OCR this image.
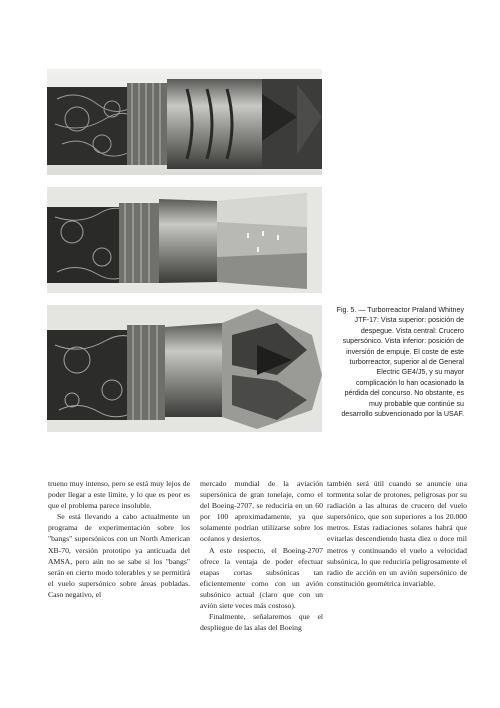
Fig. 5. — Turborreactor Praland Whitney JTF-17: Vista superior: posición de despegue. Vista central: Crucero supersónico. Vista inferior: posición de inversión de empuje. El coste de este turborreactor, superior al de General Electric GE4/J5, y su mayor complicación lo han ocasionado la pérdida del concurso. No obstante, es muy probable que continúe su desarrollo subvencionado por la USAF.

trueno muy intenso, pero se está muy lejos de poder llegar a este límite, y lo que es peor es que el problema parece insoluble.

Se está llevando a cabo actualmente un programa de experimentación sobre los "bangs" supersónicos con un North American XB-70, versión prototipo ya anticuada del AMSA, pero aún no se sabe si los "bangs" serán en cierto modo tolerables y se permitirá el vuelo supersónico sobre áreas pobladas. Caso negativo, el

mercado mundial de la aviación supersónica de gran tonelaje, como el del Boeing-2707, se reduciría en un 60 por 100 aproximadamente, ya que solamente podrían utilizarse sobre los océanos y desiertos.

A este respecto, el Boeing-2707 ofrece la ventaja de poder efectuar etapas cortas subsónicas tan eficientemente como con un avión subsónico actual (claro que con un avión siete veces más costoso).

Finalmente, señalaremos que el despliegue de las alas del Boeing

también será útil cuando se anuncie una tormenta solar de protones, peligrosas por su radiación a las alturas de crucero del vuelo supersónico, que son superiores a los 20.000 metros. Estas radiaciones solares habrá que evitarlas descendiendo hasta diez o doce mil metros y continuando el vuelo a velocidad subsónica, lo que reduciría peligrosamente el radio de acción en un avión supersónico de constitución geométrica invariable.
